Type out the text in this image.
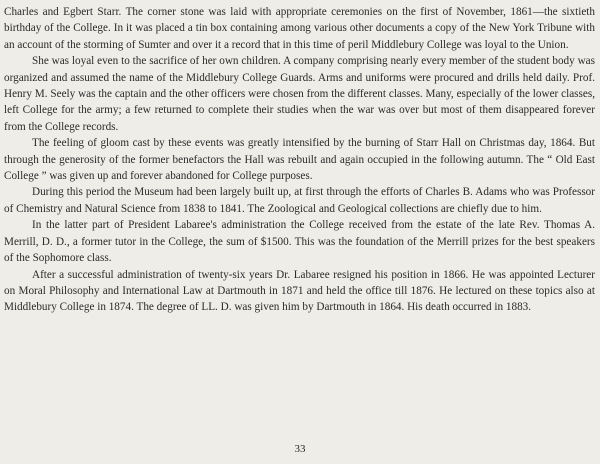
Charles and Egbert Starr. The corner stone was laid with appropriate ceremonies on the first of November, 1861—the sixtieth birthday of the College. In it was placed a tin box containing among various other documents a copy of the New York Tribune with an account of the storming of Sumter and over it a record that in this time of peril Middlebury College was loyal to the Union.

She was loyal even to the sacrifice of her own children. A company comprising nearly every member of the student body was organized and assumed the name of the Middlebury College Guards. Arms and uniforms were procured and drills held daily. Prof. Henry M. Seely was the captain and the other officers were chosen from the different classes. Many, especially of the lower classes, left College for the army; a few returned to complete their studies when the war was over but most of them disappeared forever from the College records.

The feeling of gloom cast by these events was greatly intensified by the burning of Starr Hall on Christmas day, 1864. But through the generosity of the former benefactors the Hall was rebuilt and again occupied in the following autumn. The “ Old East College ” was given up and forever abandoned for College purposes.

During this period the Museum had been largely built up, at first through the efforts of Charles B. Adams who was Professor of Chemistry and Natural Science from 1838 to 1841. The Zoological and Geological collections are chiefly due to him.

In the latter part of President Labaree's administration the College received from the estate of the late Rev. Thomas A. Merrill, D. D., a former tutor in the College, the sum of $1500. This was the foundation of the Merrill prizes for the best speakers of the Sophomore class.

After a successful administration of twenty-six years Dr. Labaree resigned his position in 1866. He was appointed Lecturer on Moral Philosophy and International Law at Dartmouth in 1871 and held the office till 1876. He lectured on these topics also at Middlebury College in 1874. The degree of LL. D. was given him by Dartmouth in 1864. His death occurred in 1883.

33
